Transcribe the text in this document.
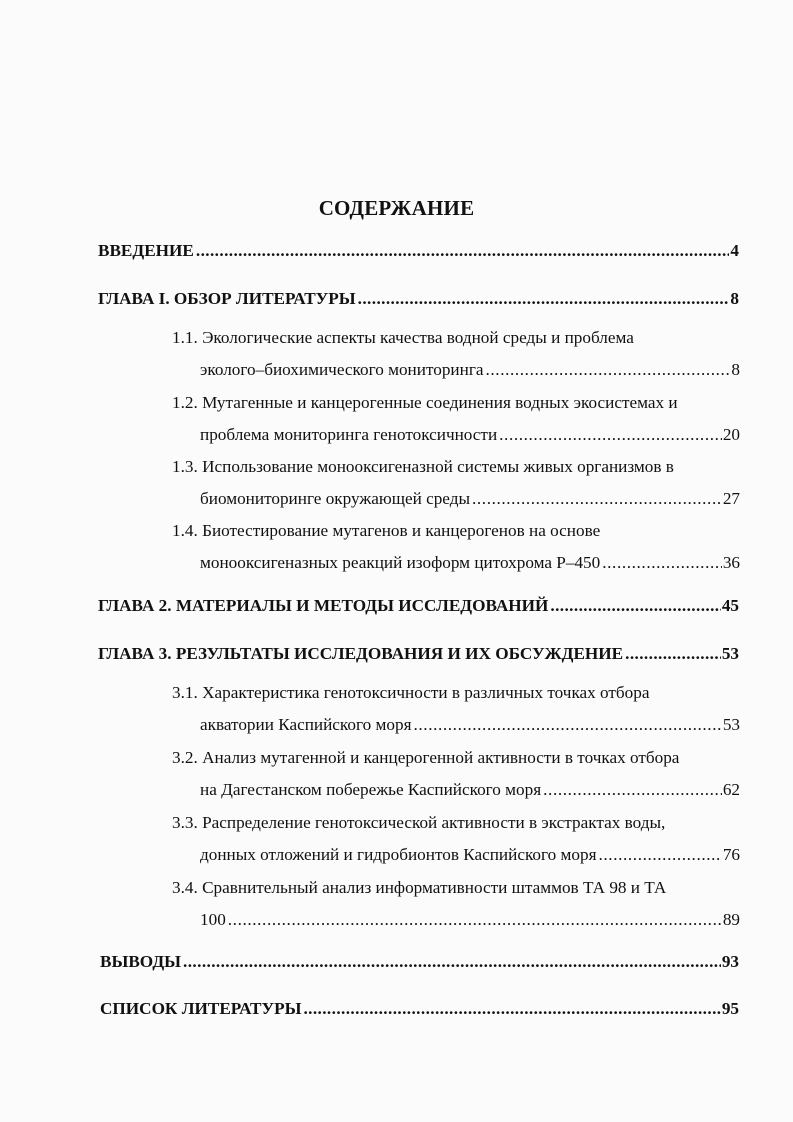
СОДЕРЖАНИЕ
ВВЕДЕНИЕ .....	4
ГЛАВА I. ОБЗОР ЛИТЕРАТУРЫ .....	8
1.1. Экологические аспекты качества водной среды и проблема
эколого–биохимического мониторинга .....	8
1.2. Мутагенные и канцерогенные соединения водных экосистемах и
проблема мониторинга генотоксичности .....	20
1.3. Использование монооксигеназной системы живых организмов в
биомониторинге окружающей среды .....	27
1.4. Биотестирование мутагенов и канцерогенов на основе
монооксигеназных реакций изоформ цитохрома Р–450 .....	36
ГЛАВА 2. МАТЕРИАЛЫ И МЕТОДЫ ИССЛЕДОВАНИЙ .....	45
ГЛАВА 3. РЕЗУЛЬТАТЫ ИССЛЕДОВАНИЯ И ИХ ОБСУЖДЕНИЕ .....	53
3.1. Характеристика генотоксичности в различных точках отбора
акватории Каспийского моря .....	53
3.2. Анализ мутагенной и канцерогенной активности в точках отбора
на Дагестанском побережье Каспийского моря .....	62
3.3. Распределение генотоксической активности в экстрактах воды,
донных отложений и гидробионтов Каспийского моря .....	76
3.4. Сравнительный анализ информативности штаммов ТА 98 и ТА
100 .....	89
ВЫВОДЫ .....	93
СПИСОК ЛИТЕРАТУРЫ .....	95
